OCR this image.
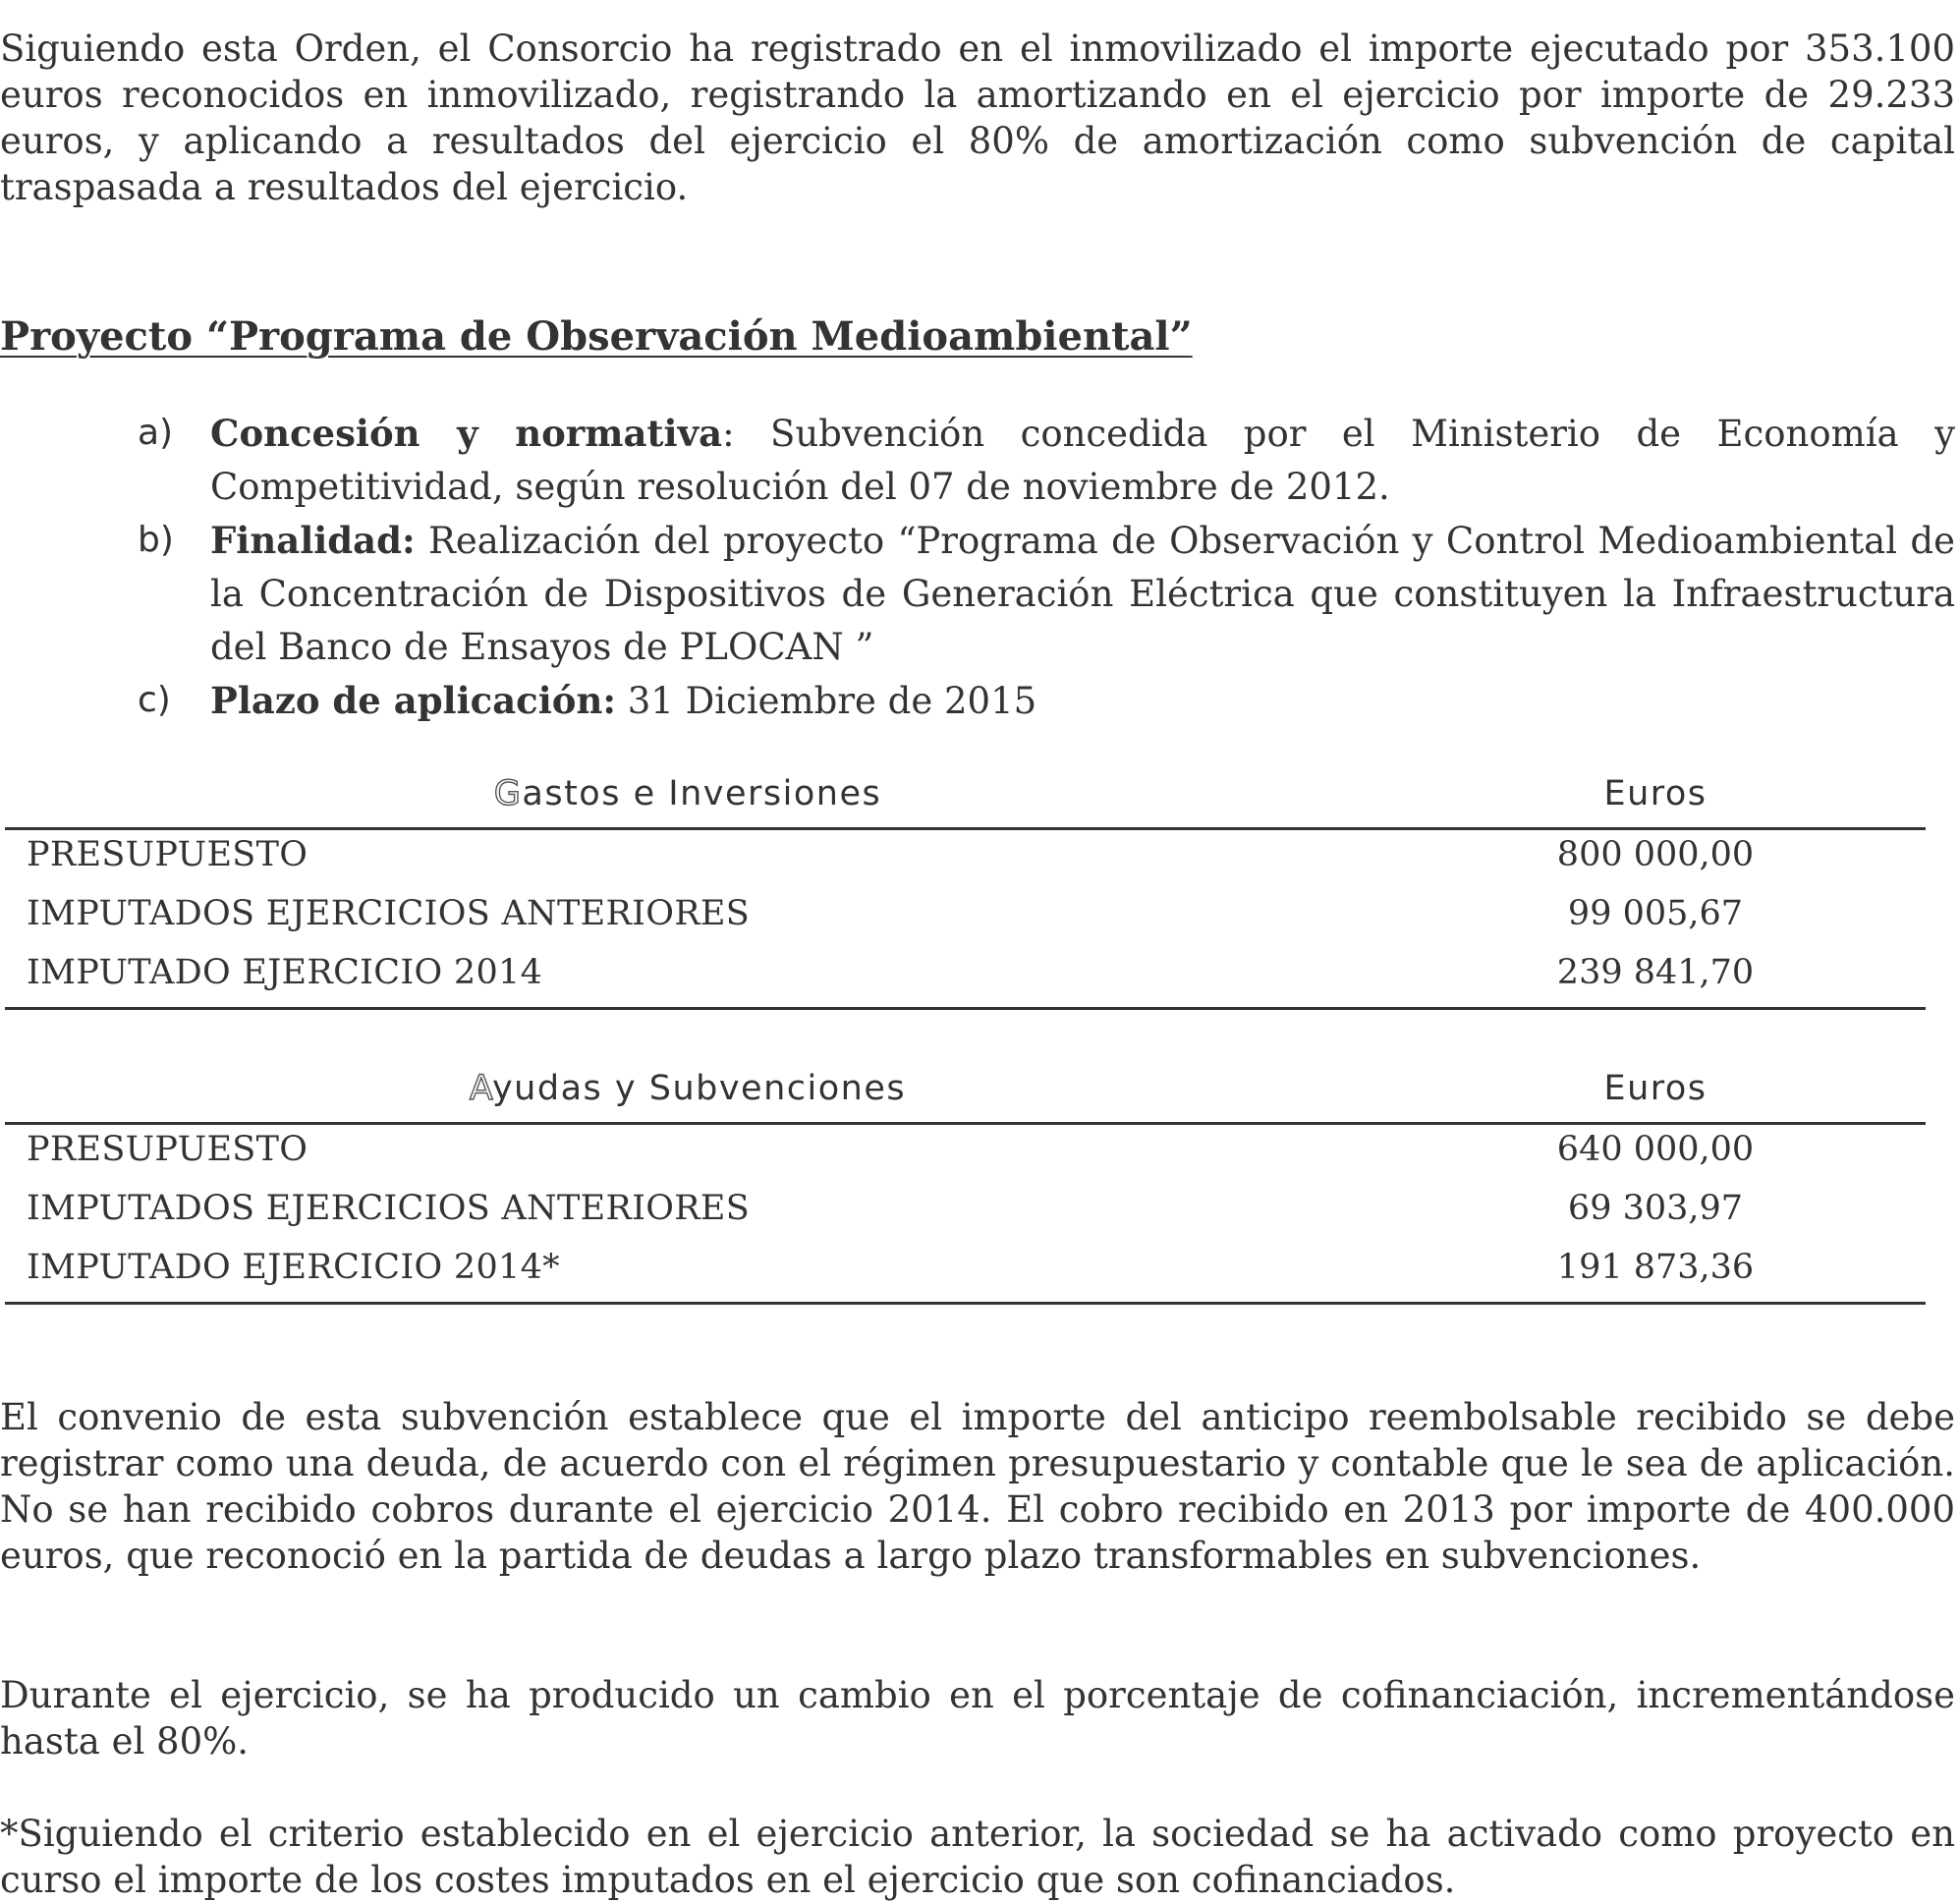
Siguiendo esta Orden, el Consorcio ha registrado en el inmovilizado el importe ejecutado por 353.100 euros reconocidos en inmovilizado, registrando la amortizando en el ejercicio por importe de 29.233 euros, y aplicando a resultados del ejercicio el 80% de amortización como subvención de capital traspasada a resultados del ejercicio.

Proyecto “Programa de Observación Medioambiental”
a)	Concesión y normativa: Subvención concedida por el Ministerio de Economía y Competitividad, según resolución del 07 de noviembre de 2012.
b)	Finalidad: Realización del proyecto “Programa de Observación y Control Medioambiental de la Concentración de Dispositivos de Generación Eléctrica que constituyen la Infraestructura del Banco de Ensayos de PLOCAN ”
c)	Plazo de aplicación: 31 Diciembre de 2015
Gastos e Inversiones	Euros
PRESUPUESTO	800 000,00
IMPUTADOS EJERCICIOS ANTERIORES	99 005,67
IMPUTADO EJERCICIO 2014	239 841,70
Ayudas y Subvenciones	Euros
PRESUPUESTO	640 000,00
IMPUTADOS EJERCICIOS ANTERIORES	69 303,97
IMPUTADO EJERCICIO 2014*	191 873,36

El convenio de esta subvención establece que el importe del anticipo reembolsable recibido se debe registrar como una deuda, de acuerdo con el régimen presupuestario y contable que le sea de aplicación. No se han recibido cobros durante el ejercicio 2014. El cobro recibido en 2013 por importe de 400.000 euros, que reconoció en la partida de deudas a largo plazo transformables en subvenciones.

Durante el ejercicio, se ha producido un cambio en el porcentaje de cofinanciación, incrementándose hasta el 80%.

*Siguiendo el criterio establecido en el ejercicio anterior, la sociedad se ha activado como proyecto en curso el importe de los costes imputados en el ejercicio que son cofinanciados.
